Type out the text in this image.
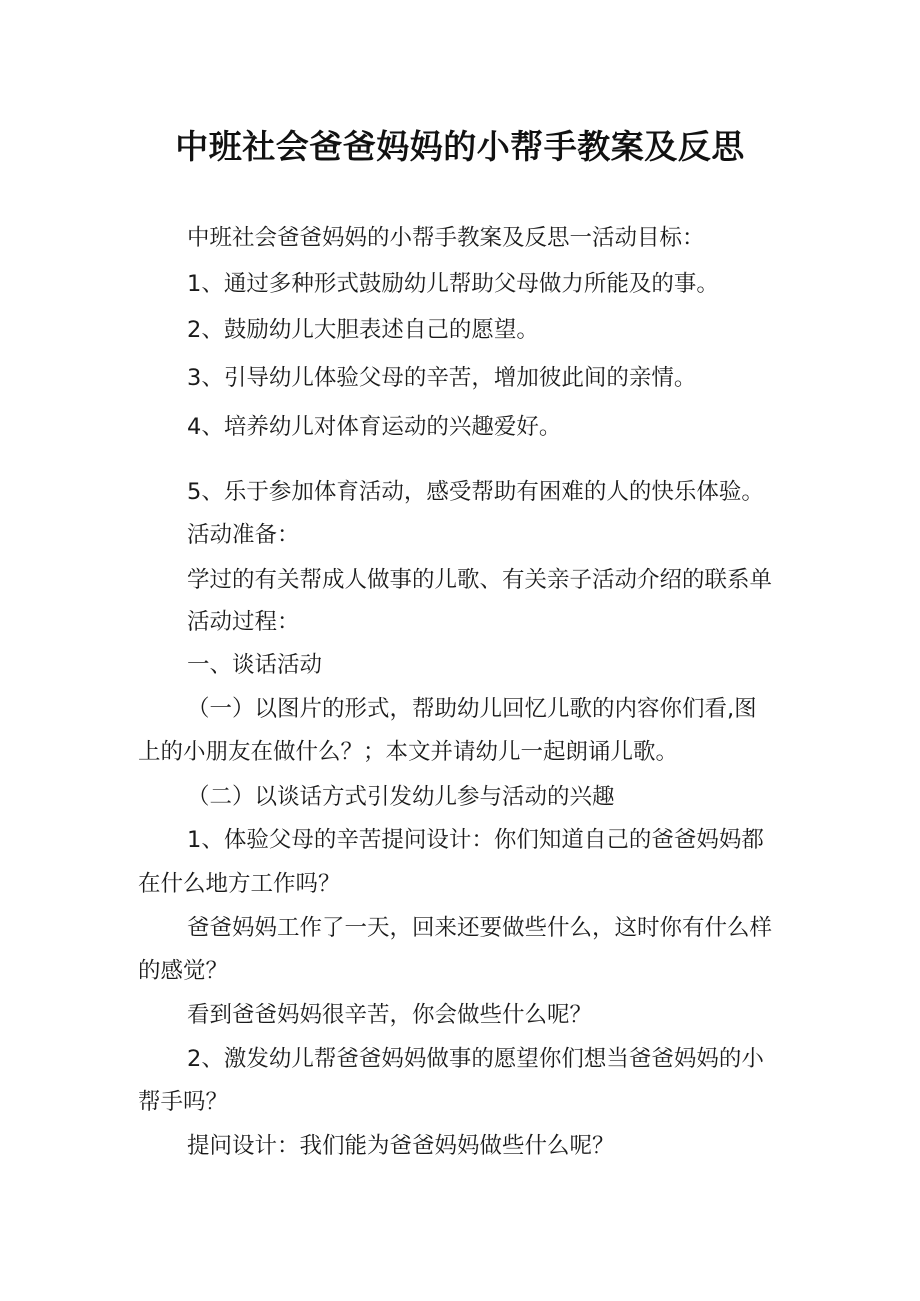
中班社会爸爸妈妈的小帮手教案及反思
中班社会爸爸妈妈的小帮手教案及反思一活动目标：
1、通过多种形式鼓励幼儿帮助父母做力所能及的事。
2、鼓励幼儿大胆表述自己的愿望。
3、引导幼儿体验父母的辛苦，增加彼此间的亲情。
4、培养幼儿对体育运动的兴趣爱好。
5、乐于参加体育活动，感受帮助有困难的人的快乐体验。
活动准备：
学过的有关帮成人做事的儿歌、有关亲子活动介绍的联系单
活动过程：
一、谈话活动
（一）以图片的形式，帮助幼儿回忆儿歌的内容你们看,图
上的小朋友在做什么？；本文并请幼儿一起朗诵儿歌。
（二）以谈话方式引发幼儿参与活动的兴趣
1、体验父母的辛苦提问设计：你们知道自己的爸爸妈妈都
在什么地方工作吗？
爸爸妈妈工作了一天，回来还要做些什么，这时你有什么样
的感觉？
看到爸爸妈妈很辛苦，你会做些什么呢？
2、激发幼儿帮爸爸妈妈做事的愿望你们想当爸爸妈妈的小
帮手吗？
提问设计：我们能为爸爸妈妈做些什么呢？
